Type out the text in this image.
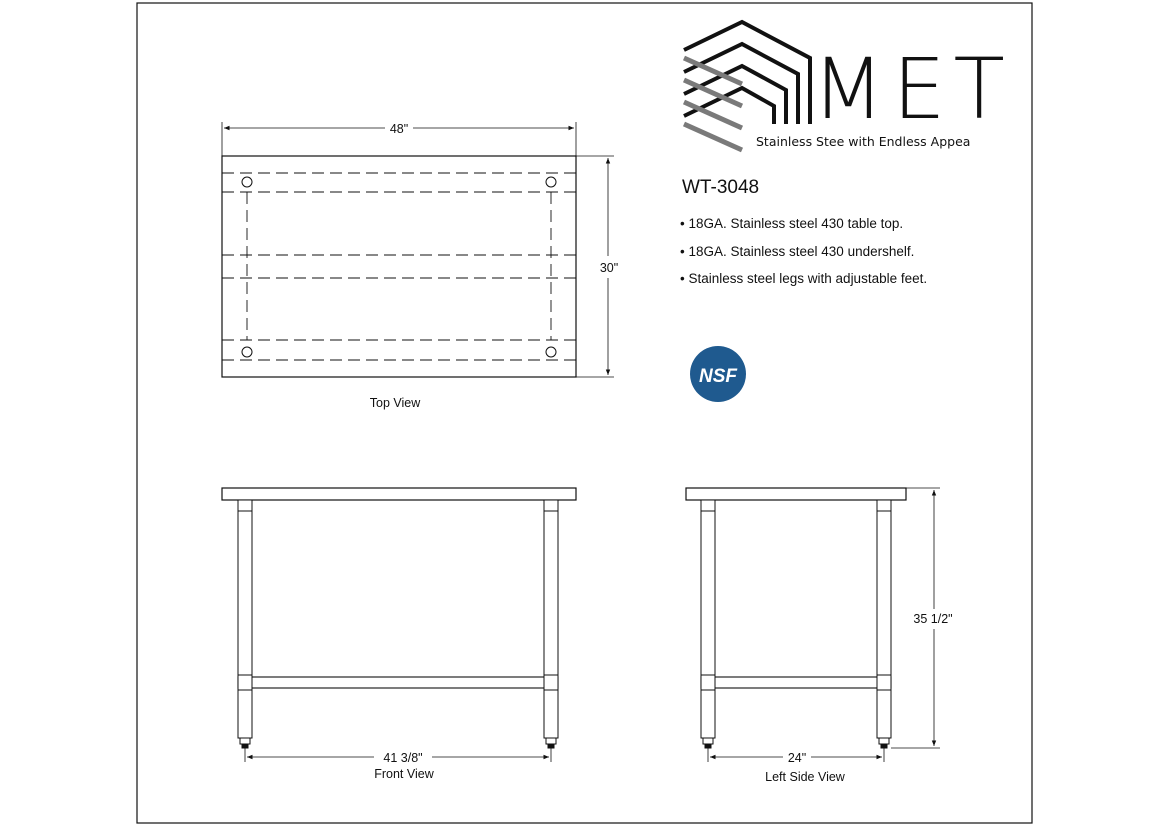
MET
Stainless Stee with Endless Appea
WT-3048
• 18GA. Stainless steel 430 table top.
• 18GA. Stainless steel 430 undershelf.
• Stainless steel legs with adjustable feet.
NSF
48"
30"
Top View
41 3/8"
Front View
24"
35 1/2"
Left Side View
